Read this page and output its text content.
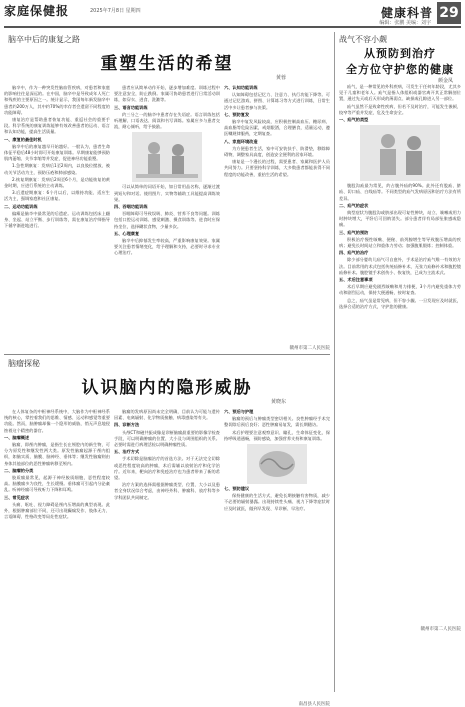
家庭保健报	2025年7月8日 星期四	健康科普
编辑：张鹏 美编：刘宇
29
脑卒中后的康复之路
重塑生活的希望
黄蓉

脑卒中，作为一种突发性脑血管疾病，对患者和家庭的影响往往是深远的。在中国，脑卒中是导致成年人死亡和残疾的主要原因之一。统计显示，我国每年新发脑卒中患者约200万人，其中约70%的幸存者会遗留不同程度的功能障碍。

康复治疗是帮助患者恢复功能、重返社会的重要手段。科学系统的康复训练能够有效改善患者的运动、语言和认知功能，提高生活质量。

一、康复的最佳时机

脑卒中后的康复越早开始越好。一般认为，患者生命体征平稳后48小时即可开始康复训练。早期康复能够预防肌肉萎缩、关节挛缩等并发症，促进神经功能重塑。

1.急性期康复：发病后1至2周内，以良肢位摆放、被动关节活动为主，预防压疮和肺部感染。

2.恢复期康复：发病后2周至6个月，是功能恢复的黄金时期，应进行系统的主动训练。

3.后遗症期康复：6个月以后，以维持功能、适应生活为主，强调家庭和社区康复。

二、运动功能训练

偏瘫是脑卒中最常见的后遗症。运动训练包括床上翻身、坐起、站立平衡、步行训练等，需在康复治疗师指导下循序渐进地进行。

患者应从简单动作开始，逐步增加难度。训练过程中要注意安全，防止跌倒。家属可协助患者进行日常活动训练，如穿衣、进食、洗漱等。

三、语言功能训练

约三分之一的脑卒中患者存在失语症。语言训练包括听理解、口语表达、阅读和书写训练。家属应多与患者交流，耐心倾听，给予鼓励。

可以从简单的词语开始，如日常用品名称，逐渐过渡到短句和对话。使用图片、实物等辅助工具能提高训练效果。

四、吞咽功能训练

吞咽障碍可导致误吸、肺炎、营养不良等问题。训练包括口腔运动训练、感觉刺激、摄食训练等。进食时应保持坐位，选择糊状食物，少量多次。

五、心理康复

脑卒中后抑郁发生率较高，严重影响康复效果。家属要关注患者情绪变化，给予理解和支持，必要时寻求专业心理治疗。

六、认知功能训练

认知障碍包括记忆力、注意力、执行功能下降等。可通过记忆游戏、拼图、计算练习等方式进行训练，日常生活中多让患者参与决策。

七、预防复发

脑卒中复发风险较高，应积极控制高血压、糖尿病、高血脂等危险因素，戒烟限酒，合理膳食，适量运动，遵医嘱规律服药，定期复查。

八、家庭环境改造

为方便患者生活，家中可安装扶手、防滑垫，移除障碍物，调整家具高度，创造安全便利的居家环境。

康复是一个漫长的过程，需要患者、家属和医护人员共同努力。只要坚持科学训练，大多数患者都能获得不同程度的功能改善，重拾生活的希望。

赣州市第二人民医院
脑瘤探秘
认识脑内的隐形威胁
黄晓东

在人体复杂的中枢神经系统中，大脑作为中枢神经系统的核心，掌控着我们的思维、情感、运动和感觉等重要功能。然而，脑肿瘤却像一个隐形的威胁，悄无声息地侵蚀着这个精密的器官。

一、脑瘤概述

脑瘤，即颅内肿瘤，是指生长在颅腔内的新生物，可分为原发性和继发性两大类。原发性脑瘤起源于颅内组织，如脑实质、脑膜、脑神经、垂体等；继发性脑瘤则由身体其他部位的恶性肿瘤转移至颅内。

二、脑瘤的分类

胶质瘤最常见，起源于神经胶质细胞，恶性程度较高。脑膜瘤多为良性，生长缓慢。垂体瘤可引起内分泌紊乱。听神经瘤可导致听力下降和耳鸣。

三、常见症状

头痛、呕吐、视力障碍是颅内压增高的典型表现。此外，根据肿瘤部位不同，还可出现癫痫发作、肢体无力、言语障碍、性格改变等局灶性症状。

脑瘤的发病原因尚未完全明确，目前认为可能与遗传因素、电离辐射、化学物质接触、病毒感染等有关。

四、诊断方法

头颅CT和磁共振成像是诊断脑瘤最重要的影像学检查手段，可以明确肿瘤的位置、大小及与周围组织的关系。必要时需进行病理活检以明确肿瘤性质。

五、治疗方式

手术切除是脑瘤治疗的首选方法。对于无法完全切除或恶性程度较高的肿瘤，术后需辅以放射治疗和化学治疗。近年来，靶向治疗和免疫治疗也为患者带来了新的希望。

治疗方案的选择需根据肿瘤类型、位置、大小以及患者全身状况综合考虑，由神经外科、肿瘤科、放疗科等多学科团队共同制定。

六、预后与护理

脑瘤的预后与肿瘤类型密切相关。良性肿瘤经手术完整切除后预后良好；恶性肿瘤易复发，需长期随访。

术后护理要注意观察意识、瞳孔、生命体征变化，保持呼吸道通畅，预防感染，加强营养支持和康复训练。

七、预防建议

保持健康的生活方式，避免长期接触有害物质，减少不必要的辐射暴露。出现持续性头痛、视力下降等症状时应及时就医，做到早发现、早诊断、早治疗。

南昌县人民医院
战气不容小觑
从预防到治疗
全方位守护您的健康
颜金凤

疝气，是一种常见的外科疾病，可发生于任何年龄段，尤其多见于儿童和老年人。疝气是指人体组织或器官离开其正常解剖位置，通过先天或后天形成的薄弱点、缺损或孔隙进入另一部位。

疝气虽然不是致命性疾病，但若不及时治疗，可能发生嵌顿、绞窄等严重并发症，危及生命安全。

一、疝气的类型

腹股沟疝最为常见，约占腹外疝的90%。此外还有股疝、脐疝、切口疝、白线疝等。不同类型的疝气发病原因和治疗方法有所差异。

二、疝气的症状

典型症状为腹股沟或脐部出现可复性肿块，站立、咳嗽或用力时肿块增大，平卧后可回纳消失。部分患者伴有局部坠胀感或隐痛。

三、疝气的预防

积极治疗慢性咳嗽、便秘、前列腺增生等导致腹压增高的疾病；避免长时间站立和重体力劳动；加强腹肌锻炼；控制体重。

四、疝气的治疗

除少部分婴幼儿疝气可自愈外，手术是治疗疝气唯一有效的方法。目前常用的术式包括传统疝修补术、无张力疝修补术和腹腔镜疝修补术。腹腔镜手术创伤小、恢复快，已成为主流术式。

五、术后注意事项

术后早期应避免剧烈咳嗽和用力排便，3个月内避免重体力劳动和剧烈运动，保持大便通畅，按时复查。

总之，疝气虽是常见病，但不容小觑。一旦发现应及时就医，选择合适的治疗方式，守护您的健康。

赣州市第二人民医院
